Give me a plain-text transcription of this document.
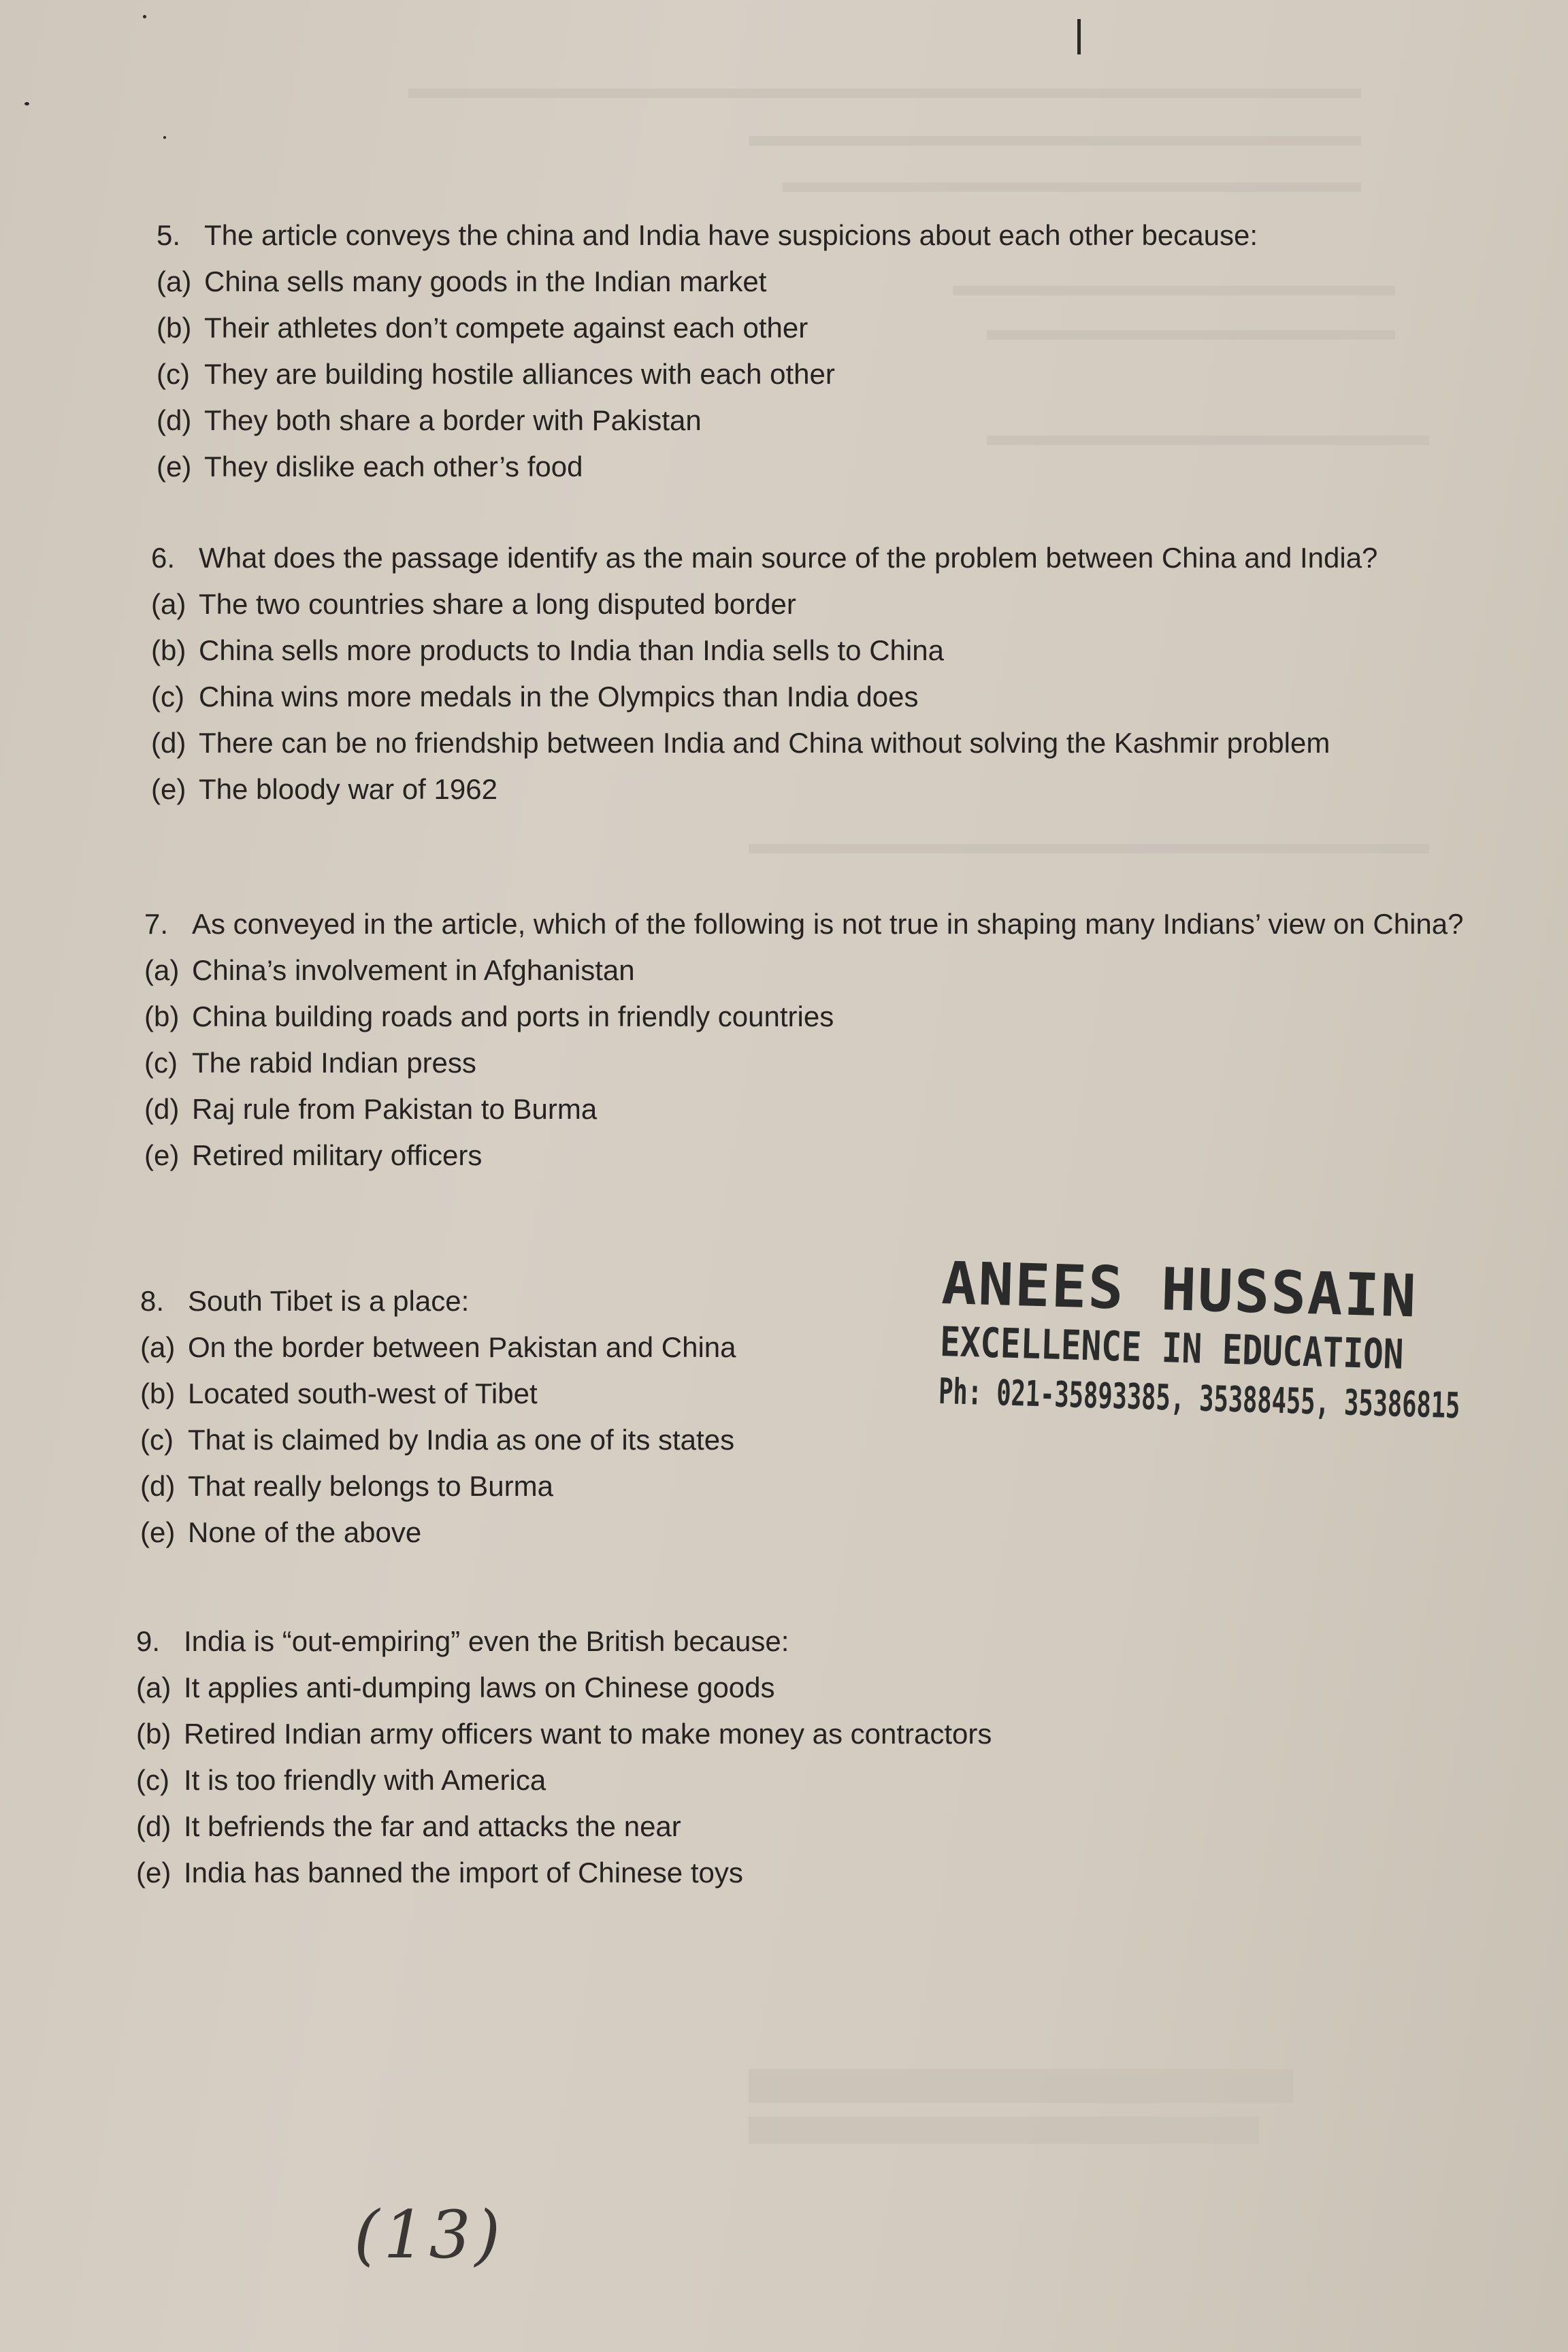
5. The article conveys the china and India have suspicions about each other because:
(a) China sells many goods in the Indian market
(b) Their athletes don’t compete against each other
(c) They are building hostile alliances with each other
(d) They both share a border with Pakistan
(e) They dislike each other’s food
6. What does the passage identify as the main source of the problem between China and India?
(a) The two countries share a long disputed border
(b) China sells more products to India than India sells to China
(c) China wins more medals in the Olympics than India does
(d) There can be no friendship between India and China without solving the Kashmir problem
(e) The bloody war of 1962
7. As conveyed in the article, which of the following is not true in shaping many Indians’ view on China?
(a) China’s involvement in Afghanistan
(b) China building roads and ports in friendly countries
(c) The rabid Indian press
(d) Raj rule from Pakistan to Burma
(e) Retired military officers
8. South Tibet is a place:
(a) On the border between Pakistan and China
(b) Located south-west of Tibet
(c) That is claimed by India as one of its states
(d) That really belongs to Burma
(e) None of the above
ANEES HUSSAIN
EXCELLENCE IN EDUCATION
Ph: 021-35893385, 35388455, 35386815
9. India is “out-empiring” even the British because:
(a) It applies anti-dumping laws on Chinese goods
(b) Retired Indian army officers want to make money as contractors
(c) It is too friendly with America
(d) It befriends the far and attacks the near
(e) India has banned the import of Chinese toys
(13)
